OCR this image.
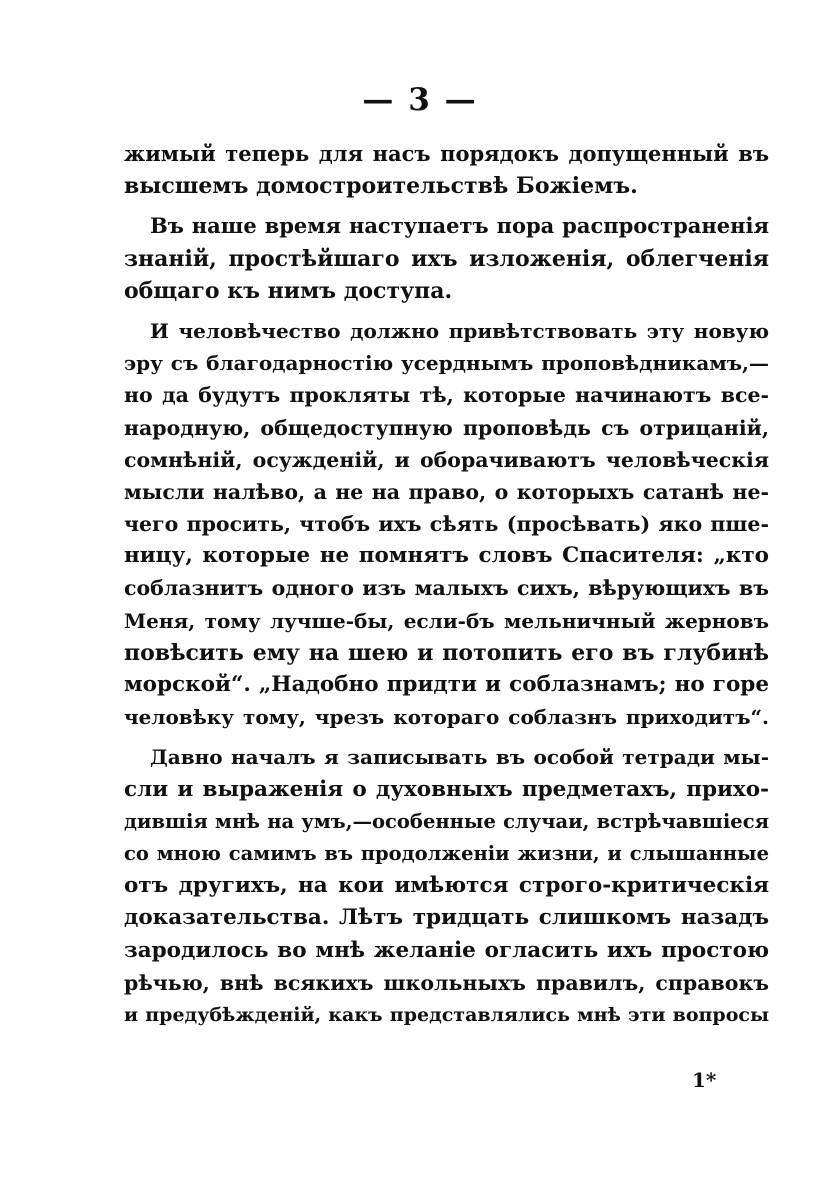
— 3 —
жимый теперь для насъ порядокъ допущенный въ
высшемъ домостроительствѣ Божіемъ.
Въ наше время наступаетъ пора распространенія
знаній, простѣйшаго ихъ изложенія, облегченія
общаго къ нимъ доступа.
И человѣчество должно привѣтствовать эту новую
эру съ благодарностію усерднымъ проповѣдникамъ,—
но да будутъ прокляты тѣ, которые начинаютъ все-
народную, общедоступную проповѣдь съ отрицаній,
сомнѣній, осужденій, и оборачиваютъ человѣческія
мысли налѣво, а не на право, о которыхъ сатанѣ не-
чего просить, чтобъ ихъ сѣять (просѣвать) яко пше-
ницу, которые не помнятъ словъ Спасителя: „кто
соблазнитъ одного изъ малыхъ сихъ, вѣрующихъ въ
Меня, тому лучше-бы, если-бъ мельничный жерновъ
повѣсить ему на шею и потопить его въ глубинѣ
морской“. „Надобно придти и соблазнамъ; но горе
человѣку тому, чрезъ котораго соблазнъ приходитъ“.
Давно началъ я записывать въ особой тетради мы-
сли и выраженія о духовныхъ предметахъ, прихо-
дившія мнѣ на умъ,—особенные случаи, встрѣчавшіеся
со мною самимъ въ продолженіи жизни, и слышанные
отъ другихъ, на кои имѣются строго-критическія
доказательства. Лѣтъ тридцать слишкомъ назадъ
зародилось во мнѣ желаніе огласить ихъ простою
рѣчью, внѣ всякихъ школьныхъ правилъ, справокъ
и предубѣжденій, какъ представлялись мнѣ эти вопросы
1*
